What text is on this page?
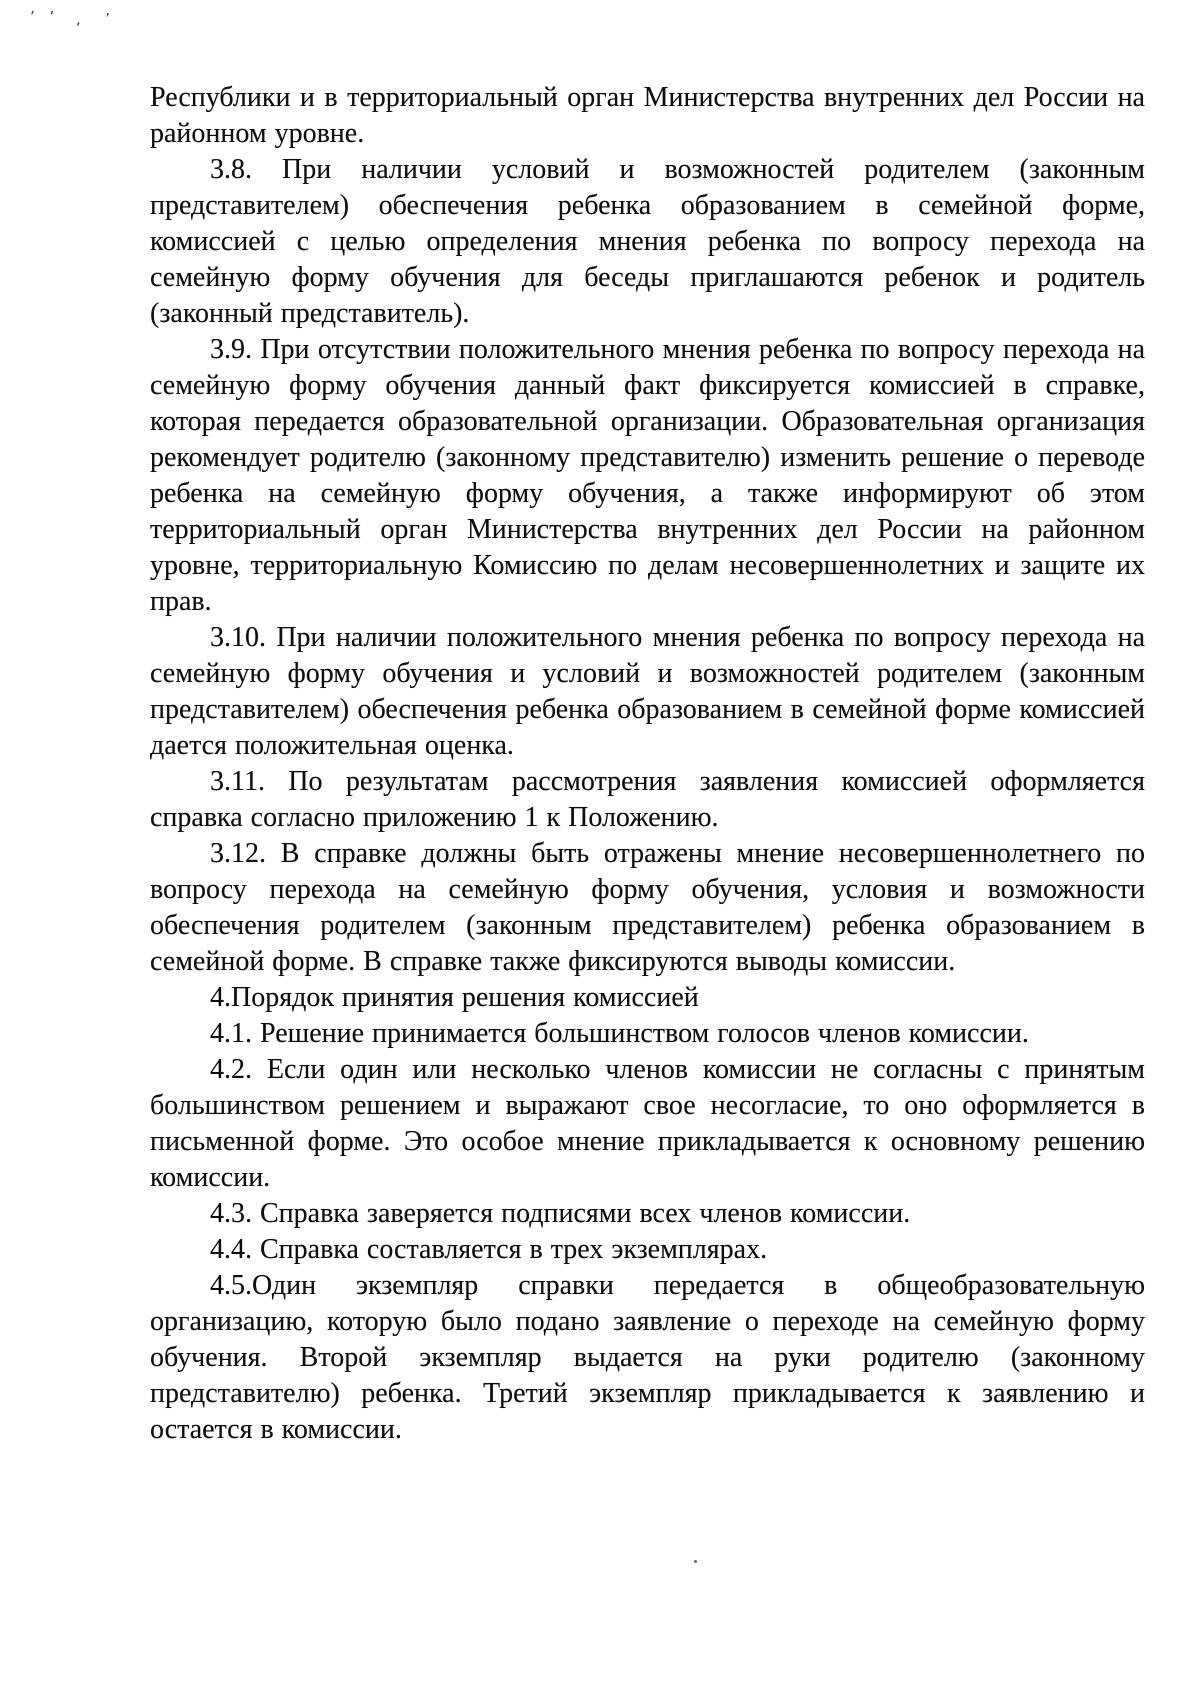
’ ’ ,  ’

Республики и в территориальный орган Министерства внутренних дел России на районном уровне.

3.8. При наличии условий и возможностей родителем (законным представителем) обеспечения ребенка образованием в семейной форме, комиссией с целью определения мнения ребенка по вопросу перехода на семейную форму обучения для беседы приглашаются ребенок и родитель (законный представитель).

3.9. При отсутствии положительного мнения ребенка по вопросу перехода на семейную форму обучения данный факт фиксируется комиссией в справке, которая передается образовательной организации. Образовательная организация рекомендует родителю (законному представителю) изменить решение о переводе ребенка на семейную форму обучения, а также информируют об этом территориальный орган Министерства внутренних дел России на районном уровне, территориальную Комиссию по делам несовершеннолетних и защите их прав.

3.10. При наличии положительного мнения ребенка по вопросу перехода на семейную форму обучения и условий и возможностей родителем (законным представителем) обеспечения ребенка образованием в семейной форме комиссией дается положительная оценка.

3.11. По результатам рассмотрения заявления комиссией оформляется справка согласно приложению 1 к Положению.

3.12. В справке должны быть отражены мнение несовершеннолетнего по вопросу перехода на семейную форму обучения, условия и возможности обеспечения родителем (законным представителем) ребенка образованием в семейной форме. В справке также фиксируются выводы комиссии.

4.Порядок принятия решения комиссией

4.1. Решение принимается большинством голосов членов комиссии.

4.2. Если один или несколько членов комиссии не согласны с принятым большинством решением и выражают свое несогласие, то оно оформляется в письменной форме. Это особое мнение прикладывается к основному решению комиссии.

4.3. Справка заверяется подписями всех членов комиссии.

4.4. Справка составляется в трех экземплярах.

4.5.Один экземпляр справки передается в общеобразовательную организацию, которую было подано заявление о переходе на семейную форму обучения. Второй экземпляр выдается на руки родителю (законному представителю) ребенка. Третий экземпляр прикладывается к заявлению и остается в комиссии.
